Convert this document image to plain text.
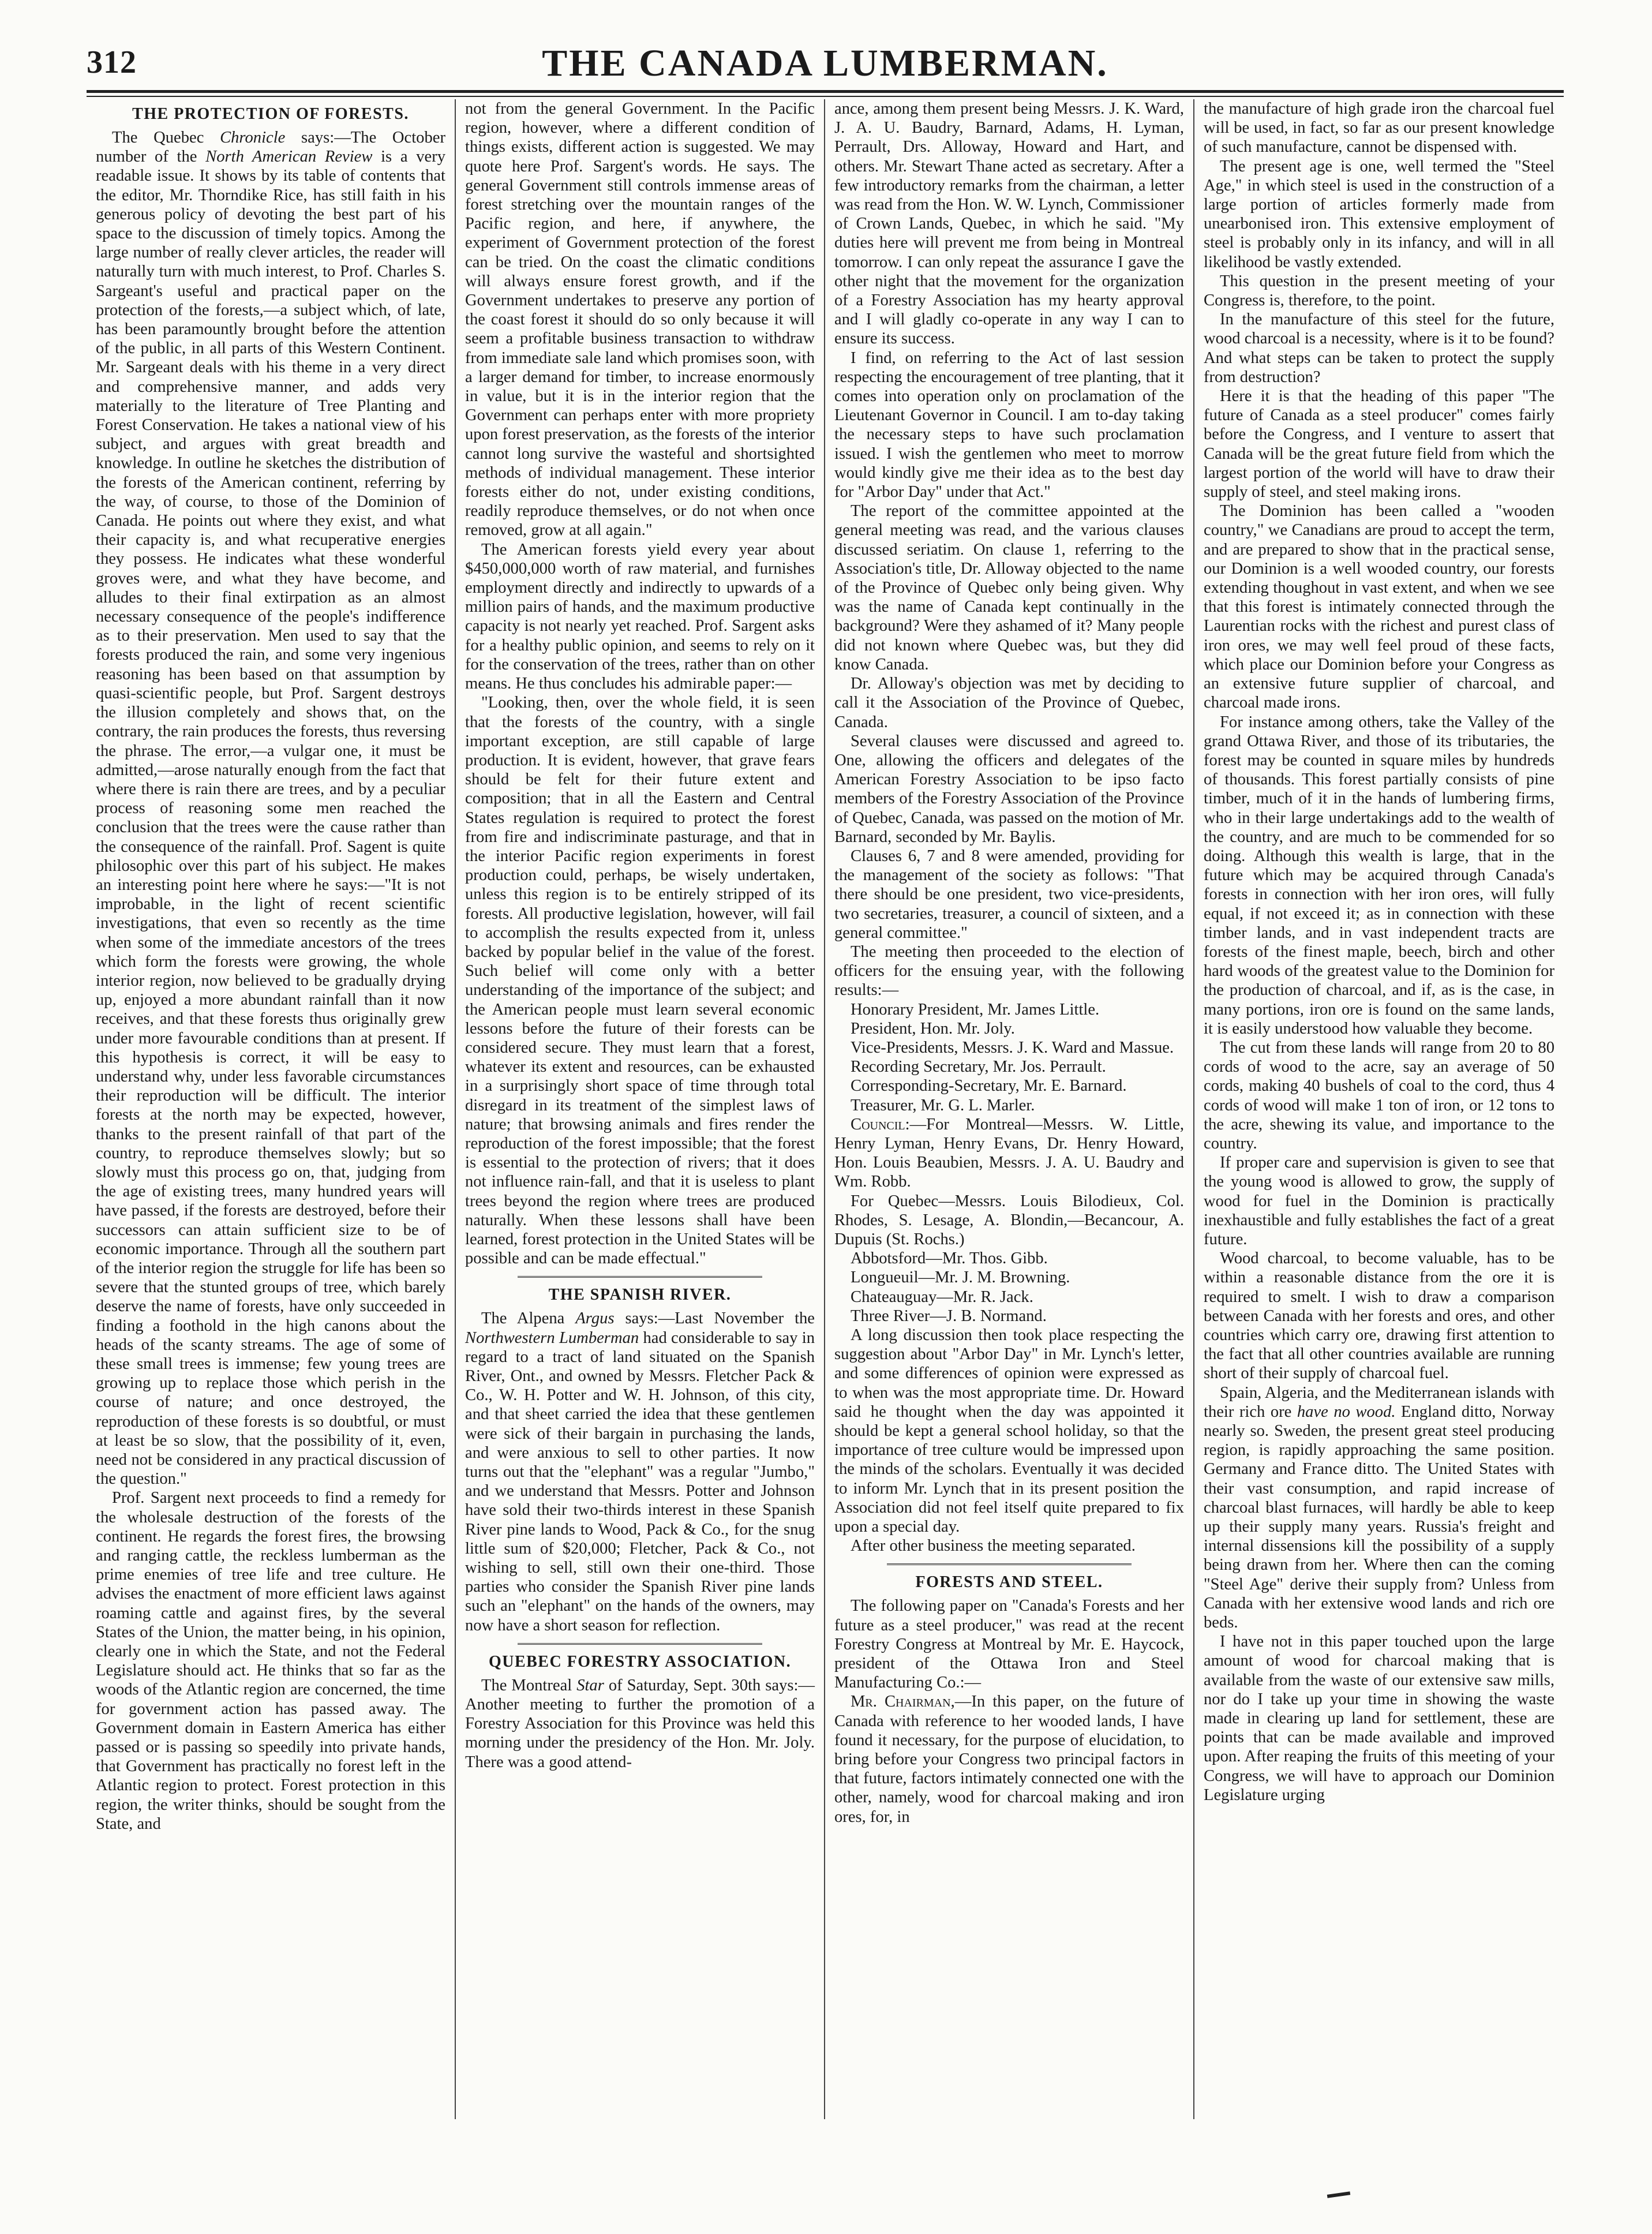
312	THE CANADA LUMBERMAN.
THE PROTECTION OF FORESTS.

The Quebec Chronicle says:—The October number of the North American Review is a very readable issue. It shows by its table of contents that the editor, Mr. Thorndike Rice, has still faith in his generous policy of devoting the best part of his space to the discussion of timely topics. Among the large number of really clever articles, the reader will naturally turn with much interest, to Prof. Charles S. Sargeant's useful and practical paper on the protection of the forests,—a subject which, of late, has been paramountly brought before the attention of the public, in all parts of this Western Continent. Mr. Sargeant deals with his theme in a very direct and comprehensive manner, and adds very materially to the literature of Tree Planting and Forest Conservation. He takes a national view of his subject, and argues with great breadth and knowledge. In outline he sketches the distribution of the forests of the American continent, referring by the way, of course, to those of the Dominion of Canada. He points out where they exist, and what their capacity is, and what recuperative energies they possess. He indicates what these wonderful groves were, and what they have become, and alludes to their final extirpation as an almost necessary consequence of the people's indifference as to their preservation. Men used to say that the forests produced the rain, and some very ingenious reasoning has been based on that assumption by quasi-scientific people, but Prof. Sargent destroys the illusion completely and shows that, on the contrary, the rain produces the forests, thus reversing the phrase. The error,—a vulgar one, it must be admitted,—arose naturally enough from the fact that where there is rain there are trees, and by a peculiar process of reasoning some men reached the conclusion that the trees were the cause rather than the consequence of the rainfall. Prof. Sagent is quite philosophic over this part of his subject. He makes an interesting point here where he says:—"It is not improbable, in the light of recent scientific investigations, that even so recently as the time when some of the immediate ancestors of the trees which form the forests were growing, the whole interior region, now believed to be gradually drying up, enjoyed a more abundant rainfall than it now receives, and that these forests thus originally grew under more favourable conditions than at present. If this hypothesis is correct, it will be easy to understand why, under less favorable circumstances their reproduction will be difficult. The interior forests at the north may be expected, however, thanks to the present rainfall of that part of the country, to reproduce themselves slowly; but so slowly must this process go on, that, judging from the age of existing trees, many hundred years will have passed, if the forests are destroyed, before their successors can attain sufficient size to be of economic importance. Through all the southern part of the interior region the struggle for life has been so severe that the stunted groups of tree, which barely deserve the name of forests, have only succeeded in finding a foothold in the high canons about the heads of the scanty streams. The age of some of these small trees is immense; few young trees are growing up to replace those which perish in the course of nature; and once destroyed, the reproduction of these forests is so doubtful, or must at least be so slow, that the possibility of it, even, need not be considered in any practical discussion of the question."

Prof. Sargent next proceeds to find a remedy for the wholesale destruction of the forests of the continent. He regards the forest fires, the browsing and ranging cattle, the reckless lumberman as the prime enemies of tree life and tree culture. He advises the enactment of more efficient laws against roaming cattle and against fires, by the several States of the Union, the matter being, in his opinion, clearly one in which the State, and not the Federal Legislature should act. He thinks that so far as the woods of the Atlantic region are concerned, the time for government action has passed away. The Government domain in Eastern America has either passed or is passing so speedily into private hands, that Government has practically no forest left in the Atlantic region to protect. Forest protection in this region, the writer thinks, should be sought from the State, and

not from the general Government. In the Pacific region, however, where a different condition of things exists, different action is suggested. We may quote here Prof. Sargent's words. He says. The general Government still controls immense areas of forest stretching over the mountain ranges of the Pacific region, and here, if anywhere, the experiment of Government protection of the forest can be tried. On the coast the climatic conditions will always ensure forest growth, and if the Government undertakes to preserve any portion of the coast forest it should do so only because it will seem a profitable business transaction to withdraw from immediate sale land which promises soon, with a larger demand for timber, to increase enormously in value, but it is in the interior region that the Government can perhaps enter with more propriety upon forest preservation, as the forests of the interior cannot long survive the wasteful and shortsighted methods of individual management. These interior forests either do not, under existing conditions, readily reproduce themselves, or do not when once removed, grow at all again."

The American forests yield every year about $450,000,000 worth of raw material, and furnishes employment directly and indirectly to upwards of a million pairs of hands, and the maximum productive capacity is not nearly yet reached. Prof. Sargent asks for a healthy public opinion, and seems to rely on it for the conservation of the trees, rather than on other means. He thus concludes his admirable paper:—

"Looking, then, over the whole field, it is seen that the forests of the country, with a single important exception, are still capable of large production. It is evident, however, that grave fears should be felt for their future extent and composition; that in all the Eastern and Central States regulation is required to protect the forest from fire and indiscriminate pasturage, and that in the interior Pacific region experiments in forest production could, perhaps, be wisely undertaken, unless this region is to be entirely stripped of its forests. All productive legislation, however, will fail to accomplish the results expected from it, unless backed by popular belief in the value of the forest. Such belief will come only with a better understanding of the importance of the subject; and the American people must learn several economic lessons before the future of their forests can be considered secure. They must learn that a forest, whatever its extent and resources, can be exhausted in a surprisingly short space of time through total disregard in its treatment of the simplest laws of nature; that browsing animals and fires render the reproduction of the forest impossible; that the forest is essential to the protection of rivers; that it does not influence rain-fall, and that it is useless to plant trees beyond the region where trees are produced naturally. When these lessons shall have been learned, forest protection in the United States will be possible and can be made effectual."

THE SPANISH RIVER.

The Alpena Argus says:—Last November the Northwestern Lumberman had considerable to say in regard to a tract of land situated on the Spanish River, Ont., and owned by Messrs. Fletcher Pack & Co., W. H. Potter and W. H. Johnson, of this city, and that sheet carried the idea that these gentlemen were sick of their bargain in purchasing the lands, and were anxious to sell to other parties. It now turns out that the "elephant" was a regular "Jumbo," and we understand that Messrs. Potter and Johnson have sold their two-thirds interest in these Spanish River pine lands to Wood, Pack & Co., for the snug little sum of $20,000; Fletcher, Pack & Co., not wishing to sell, still own their one-third. Those parties who consider the Spanish River pine lands such an "elephant" on the hands of the owners, may now have a short season for reflection.

QUEBEC FORESTRY ASSOCIATION.

The Montreal Star of Saturday, Sept. 30th says:—Another meeting to further the promotion of a Forestry Association for this Province was held this morning under the presidency of the Hon. Mr. Joly. There was a good attend-

ance, among them present being Messrs. J. K. Ward, J. A. U. Baudry, Barnard, Adams, H. Lyman, Perrault, Drs. Alloway, Howard and Hart, and others. Mr. Stewart Thane acted as secretary. After a few introductory remarks from the chairman, a letter was read from the Hon. W. W. Lynch, Commissioner of Crown Lands, Quebec, in which he said. "My duties here will prevent me from being in Montreal tomorrow. I can only repeat the assurance I gave the other night that the movement for the organization of a Forestry Association has my hearty approval and I will gladly co-operate in any way I can to ensure its success.

I find, on referring to the Act of last session respecting the encouragement of tree planting, that it comes into operation only on proclamation of the Lieutenant Governor in Council. I am to-day taking the necessary steps to have such proclamation issued. I wish the gentlemen who meet to morrow would kindly give me their idea as to the best day for "Arbor Day" under that Act."

The report of the committee appointed at the general meeting was read, and the various clauses discussed seriatim. On clause 1, referring to the Association's title, Dr. Alloway objected to the name of the Province of Quebec only being given. Why was the name of Canada kept continually in the background? Were they ashamed of it? Many people did not known where Quebec was, but they did know Canada.

Dr. Alloway's objection was met by deciding to call it the Association of the Province of Quebec, Canada.

Several clauses were discussed and agreed to. One, allowing the officers and delegates of the American Forestry Association to be ipso facto members of the Forestry Association of the Province of Quebec, Canada, was passed on the motion of Mr. Barnard, seconded by Mr. Baylis.

Clauses 6, 7 and 8 were amended, providing for the management of the society as follows: "That there should be one president, two vice-presidents, two secretaries, treasurer, a council of sixteen, and a general committee."

The meeting then proceeded to the election of officers for the ensuing year, with the following results:—

Honorary President, Mr. James Little.

President, Hon. Mr. Joly.

Vice-Presidents, Messrs. J. K. Ward and Massue.

Recording Secretary, Mr. Jos. Perrault.

Corresponding-Secretary, Mr. E. Barnard.

Treasurer, Mr. G. L. Marler.

Council:—For Montreal—Messrs. W. Little, Henry Lyman, Henry Evans, Dr. Henry Howard, Hon. Louis Beaubien, Messrs. J. A. U. Baudry and Wm. Robb.

For Quebec—Messrs. Louis Bilodieux, Col. Rhodes, S. Lesage, A. Blondin,—Becancour, A. Dupuis (St. Rochs.)

Abbotsford—Mr. Thos. Gibb.

Longueuil—Mr. J. M. Browning.

Chateauguay—Mr. R. Jack.

Three River—J. B. Normand.

A long discussion then took place respecting the suggestion about "Arbor Day" in Mr. Lynch's letter, and some differences of opinion were expressed as to when was the most appropriate time. Dr. Howard said he thought when the day was appointed it should be kept a general school holiday, so that the importance of tree culture would be impressed upon the minds of the scholars. Eventually it was decided to inform Mr. Lynch that in its present position the Association did not feel itself quite prepared to fix upon a special day.

After other business the meeting separated.

FORESTS AND STEEL.

The following paper on "Canada's Forests and her future as a steel producer," was read at the recent Forestry Congress at Montreal by Mr. E. Haycock, president of the Ottawa Iron and Steel Manufacturing Co.:—

Mr. Chairman,—In this paper, on the future of Canada with reference to her wooded lands, I have found it necessary, for the purpose of elucidation, to bring before your Congress two principal factors in that future, factors intimately connected one with the other, namely, wood for charcoal making and iron ores, for, in

the manufacture of high grade iron the charcoal fuel will be used, in fact, so far as our present knowledge of such manufacture, cannot be dispensed with.

The present age is one, well termed the "Steel Age," in which steel is used in the construction of a large portion of articles formerly made from unearbonised iron. This extensive employment of steel is probably only in its infancy, and will in all likelihood be vastly extended.

This question in the present meeting of your Congress is, therefore, to the point.

In the manufacture of this steel for the future, wood charcoal is a necessity, where is it to be found? And what steps can be taken to protect the supply from destruction?

Here it is that the heading of this paper "The future of Canada as a steel producer" comes fairly before the Congress, and I venture to assert that Canada will be the great future field from which the largest portion of the world will have to draw their supply of steel, and steel making irons.

The Dominion has been called a "wooden country," we Canadians are proud to accept the term, and are prepared to show that in the practical sense, our Dominion is a well wooded country, our forests extending thoughout in vast extent, and when we see that this forest is intimately connected through the Laurentian rocks with the richest and purest class of iron ores, we may well feel proud of these facts, which place our Dominion before your Congress as an extensive future supplier of charcoal, and charcoal made irons.

For instance among others, take the Valley of the grand Ottawa River, and those of its tributaries, the forest may be counted in square miles by hundreds of thousands. This forest partially consists of pine timber, much of it in the hands of lumbering firms, who in their large undertakings add to the wealth of the country, and are much to be commended for so doing. Although this wealth is large, that in the future which may be acquired through Canada's forests in connection with her iron ores, will fully equal, if not exceed it; as in connection with these timber lands, and in vast independent tracts are forests of the finest maple, beech, birch and other hard woods of the greatest value to the Dominion for the production of charcoal, and if, as is the case, in many portions, iron ore is found on the same lands, it is easily understood how valuable they become.

The cut from these lands will range from 20 to 80 cords of wood to the acre, say an average of 50 cords, making 40 bushels of coal to the cord, thus 4 cords of wood will make 1 ton of iron, or 12 tons to the acre, shewing its value, and importance to the country.

If proper care and supervision is given to see that the young wood is allowed to grow, the supply of wood for fuel in the Dominion is practically inexhaustible and fully establishes the fact of a great future.

Wood charcoal, to become valuable, has to be within a reasonable distance from the ore it is required to smelt. I wish to draw a comparison between Canada with her forests and ores, and other countries which carry ore, drawing first attention to the fact that all other countries available are running short of their supply of charcoal fuel.

Spain, Algeria, and the Mediterranean islands with their rich ore have no wood. England ditto, Norway nearly so. Sweden, the present great steel producing region, is rapidly approaching the same position. Germany and France ditto. The United States with their vast consumption, and rapid increase of charcoal blast furnaces, will hardly be able to keep up their supply many years. Russia's freight and internal dissensions kill the possibility of a supply being drawn from her. Where then can the coming "Steel Age" derive their supply from? Unless from Canada with her extensive wood lands and rich ore beds.

I have not in this paper touched upon the large amount of wood for charcoal making that is available from the waste of our extensive saw mills, nor do I take up your time in showing the waste made in clearing up land for settlement, these are points that can be made available and improved upon. After reaping the fruits of this meeting of your Congress, we will have to approach our Dominion Legislature urging
